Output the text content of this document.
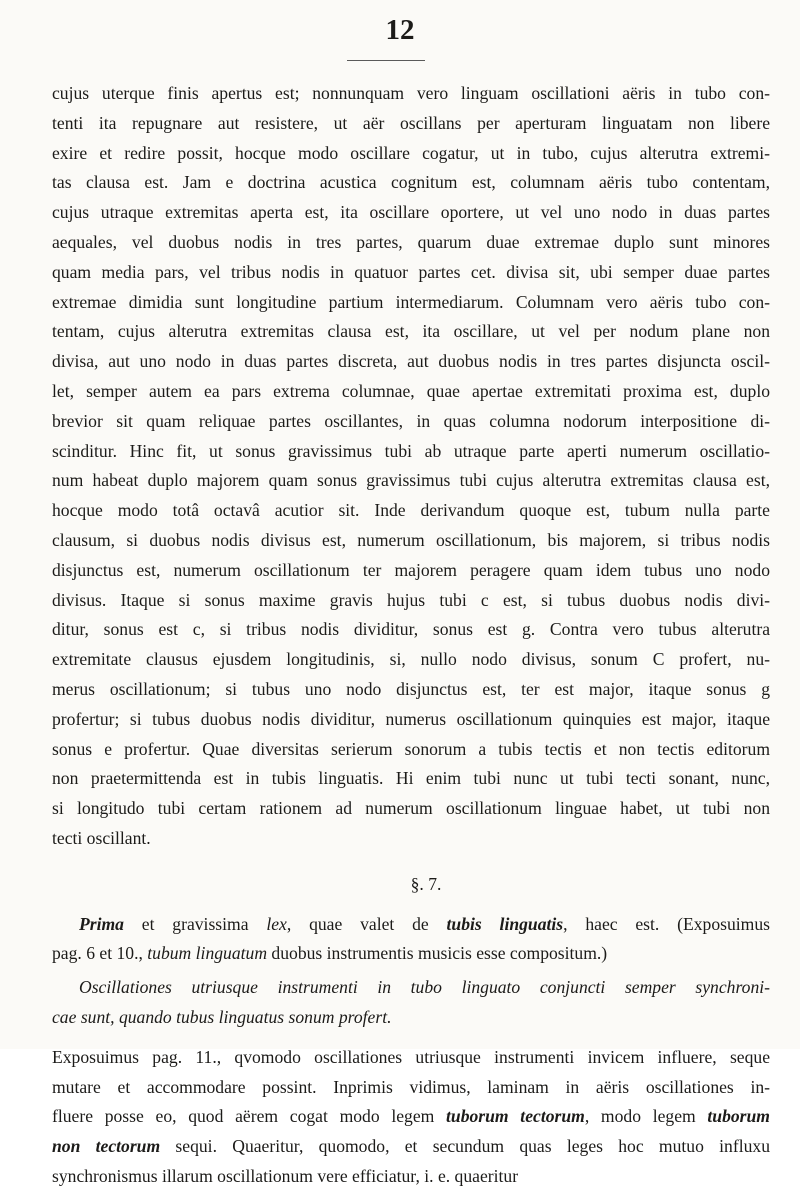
12
cujus uterque finis apertus est; nonnunquam vero linguam oscillationi aëris in tubo con-
tenti ita repugnare aut resistere, ut aër oscillans per aperturam linguatam non libere
exire et redire possit, hocque modo oscillare cogatur, ut in tubo, cujus alterutra extremi-
tas clausa est. Jam e doctrina acustica cognitum est, columnam aëris tubo contentam,
cujus utraque extremitas aperta est, ita oscillare oportere, ut vel uno nodo in duas partes
aequales, vel duobus nodis in tres partes, quarum duae extremae duplo sunt minores
quam media pars, vel tribus nodis in quatuor partes cet. divisa sit, ubi semper duae partes
extremae dimidia sunt longitudine partium intermediarum. Columnam vero aëris tubo con-
tentam, cujus alterutra extremitas clausa est, ita oscillare, ut vel per nodum plane non
divisa, aut uno nodo in duas partes discreta, aut duobus nodis in tres partes disjuncta oscil-
let, semper autem ea pars extrema columnae, quae apertae extremitati proxima est, duplo
brevior sit quam reliquae partes oscillantes, in quas columna nodorum interpositione di-
scinditur. Hinc fit, ut sonus gravissimus tubi ab utraque parte aperti numerum oscillatio-
num habeat duplo majorem quam sonus gravissimus tubi cujus alterutra extremitas clausa est,
hocque modo totâ octavâ acutior sit. Inde derivandum quoque est, tubum nulla parte
clausum, si duobus nodis divisus est, numerum oscillationum, bis majorem, si tribus nodis
disjunctus est, numerum oscillationum ter majorem peragere quam idem tubus uno nodo
divisus. Itaque si sonus maxime gravis hujus tubi c est, si tubus duobus nodis divi-
ditur, sonus est c, si tribus nodis dividitur, sonus est g. Contra vero tubus alterutra
extremitate clausus ejusdem longitudinis, si, nullo nodo divisus, sonum C profert, nu-
merus oscillationum; si tubus uno nodo disjunctus est, ter est major, itaque sonus g
profertur; si tubus duobus nodis dividitur, numerus oscillationum quinquies est major, itaque
sonus e profertur. Quae diversitas serierum sonorum a tubis tectis et non tectis editorum
non praetermittenda est in tubis linguatis. Hi enim tubi nunc ut tubi tecti sonant, nunc,
si longitudo tubi certam rationem ad numerum oscillationum linguae habet, ut tubi non
tecti oscillant.
§. 7.
Prima et gravissima lex, quae valet de tubis linguatis, haec est. (Exposuimus
pag. 6 et 10., tubum linguatum duobus instrumentis musicis esse compositum.)
Oscillationes utriusque instrumenti in tubo linguato conjuncti semper synchroni-
cae sunt, quando tubus linguatus sonum profert.
Exposuimus pag. 11., qvomodo oscillationes utriusque instrumenti invicem influere, seque
mutare et accommodare possint. Inprimis vidimus, laminam in aëris oscillationes in-
fluere posse eo, quod aërem cogat modo legem tuborum tectorum, modo legem tuborum
non tectorum sequi. Quaeritur, quomodo, et secundum quas leges hoc mutuo influxu
synchronismus illarum oscillationum vere efficiatur, i. e. quaeritur
